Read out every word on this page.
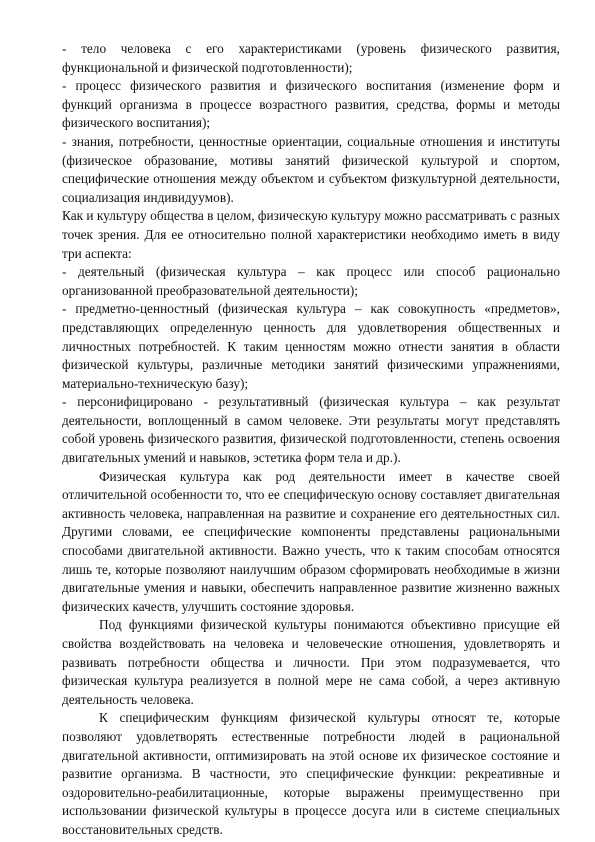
- тело человека с его характеристиками (уровень физического развития, функциональной и физической подготовленности);

- процесс физического развития и физического воспитания (изменение форм и функций организма в процессе возрастного развития, средства, формы и методы физического воспитания);

- знания, потребности, ценностные ориентации, социальные отношения и институты (физическое образование, мотивы занятий физической культурой и спортом, специфические отношения между объектом и субъектом физкультурной деятельности, социализация индивидуумов).

Как и культуру общества в целом, физическую культуру можно рассматривать с разных точек зрения. Для ее относительно полной характеристики необходимо иметь в виду три аспекта:

- деятельный (физическая культура – как процесс или способ рационально организованной преобразовательной деятельности);

- предметно-ценностный (физическая культура – как совокупность «предметов», представляющих определенную ценность для удовлетворения общественных и личностных потребностей. К таким ценностям можно отнести занятия в области физической культуры, различные методики занятий физическими упражнениями, материально-техническую базу);

- персонифицировано - результативный (физическая культура – как результат деятельности, воплощенный в самом человеке. Эти результаты могут представлять собой уровень физического развития, физической подготовленности, степень освоения двигательных умений и навыков, эстетика форм тела и др.).

Физическая культура как род деятельности имеет в качестве своей отличительной особенности то, что ее специфическую основу составляет двигательная активность человека, направленная на развитие и сохранение его деятельностных сил. Другими словами, ее специфические компоненты представлены рациональными способами двигательной активности. Важно учесть, что к таким способам относятся лишь те, которые позволяют наилучшим образом сформировать необходимые в жизни двигательные умения и навыки, обеспечить направленное развитие жизненно важных физических качеств, улучшить состояние здоровья.

Под функциями физической культуры понимаются объективно присущие ей свойства воздействовать на человека и человеческие отношения, удовлетворять и развивать потребности общества и личности. При этом подразумевается, что физическая культура реализуется в полной мере не сама собой, а через активную деятельность человека.

К специфическим функциям физической культуры относят те, которые позволяют удовлетворять естественные потребности людей в рациональной двигательной активности, оптимизировать на этой основе их физическое состояние и развитие организма. В частности, это специфические функции: рекреативные и оздоровительно-реабилитационные, которые выражены преимущественно при использовании физической культуры в процессе досуга или в системе специальных восстановительных средств.
